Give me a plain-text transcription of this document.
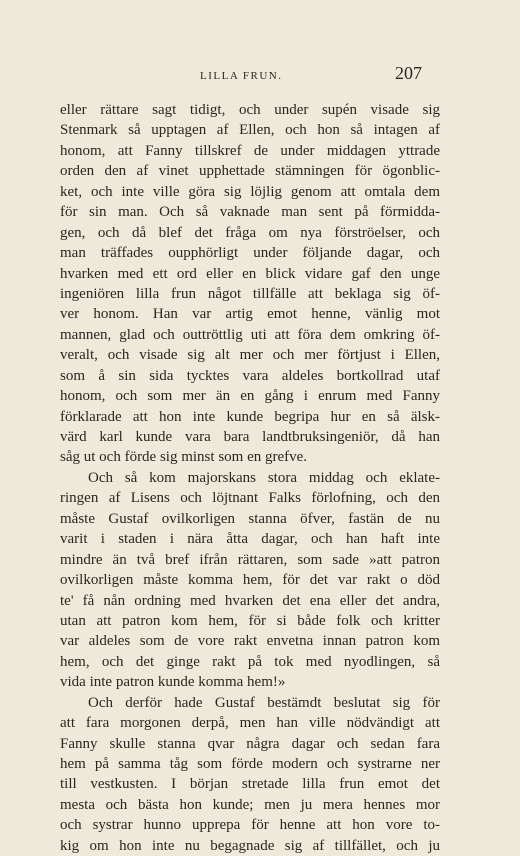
LILLA FRUN.	207
eller rättare sagt tidigt, och under supén visade sig
Stenmark så upptagen af Ellen, och hon så intagen af
honom, att Fanny tillskref de under middagen yttrade
orden den af vinet upphettade stämningen för ögonblic-
ket, och inte ville göra sig löjlig genom att omtala dem
för sin man. Och så vaknade man sent på förmidda-
gen, och då blef det fråga om nya förströelser, och
man träffades oupphörligt under följande dagar, och
hvarken med ett ord eller en blick vidare gaf den unge
ingeniören lilla frun något tillfälle att beklaga sig öf-
ver honom. Han var artig emot henne, vänlig mot
mannen, glad och outtröttlig uti att föra dem omkring öf-
veralt, och visade sig alt mer och mer förtjust i Ellen,
som å sin sida tycktes vara aldeles bortkollrad utaf
honom, och som mer än en gång i enrum med Fanny
förklarade att hon inte kunde begripa hur en så älsk-
värd karl kunde vara bara landtbruksingeniör, då han
såg ut och förde sig minst som en grefve.
Och så kom majorskans stora middag och eklate-
ringen af Lisens och löjtnant Falks förlofning, och den
måste Gustaf ovilkorligen stanna öfver, fastän de nu
varit i staden i nära åtta dagar, och han haft inte
mindre än två bref ifrån rättaren, som sade »att patron
ovilkorligen måste komma hem, för det var rakt o död
te' få nån ordning med hvarken det ena eller det andra,
utan att patron kom hem, för si både folk och kritter
var aldeles som de vore rakt envetna innan patron kom
hem, och det ginge rakt på tok med nyodlingen, så
vida inte patron kunde komma hem!»
Och derför hade Gustaf bestämdt beslutat sig för
att fara morgonen derpå, men han ville nödvändigt att
Fanny skulle stanna qvar några dagar och sedan fara
hem på samma tåg som förde modern och systrarne ner
till vestkusten. I början stretade lilla frun emot det
mesta och bästa hon kunde; men ju mera hennes mor
och systrar hunno upprepa för henne att hon vore to-
kig om hon inte nu begagnade sig af tillfället, och ju
